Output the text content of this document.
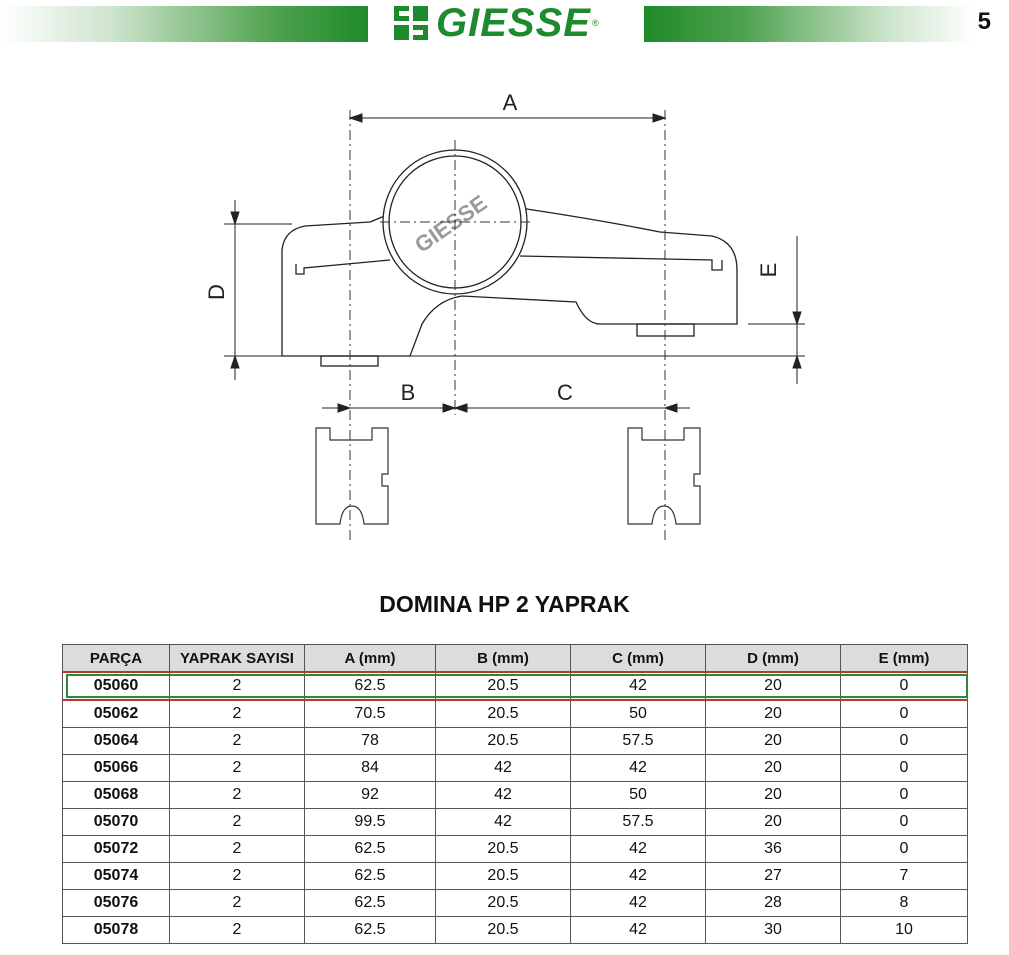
GIESSE ®	5
GIESSE
A
D
E
B	C
DOMINA HP 2 YAPRAK
PARÇA	YAPRAK SAYISI	A (mm)	B (mm)	C (mm)	D (mm)	E (mm)
05060	2	62.5	20.5	42	20	0
05062	2	70.5	20.5	50	20	0
05064	2	78	20.5	57.5	20	0
05066	2	84	42	42	20	0
05068	2	92	42	50	20	0
05070	2	99.5	42	57.5	20	0
05072	2	62.5	20.5	42	36	0
05074	2	62.5	20.5	42	27	7
05076	2	62.5	20.5	42	28	8
05078	2	62.5	20.5	42	30	10
